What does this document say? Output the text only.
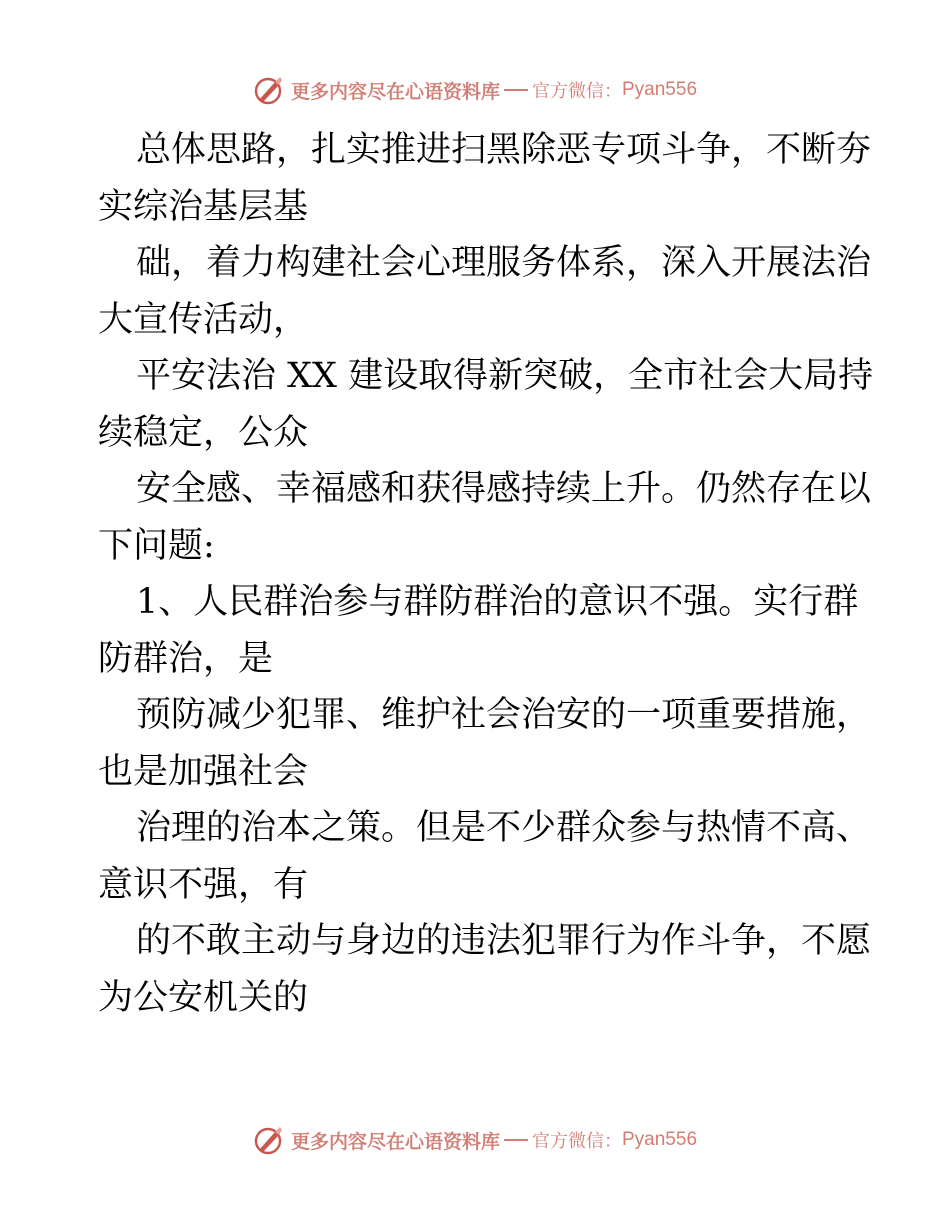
更多内容尽在心语资料库 官方微信： Pyan556
总体思路，扎实推进扫黑除恶专项斗争，不断夯
实综治基层基
础，着力构建社会心理服务体系，深入开展法治
大宣传活动，
平安法治 XX 建设取得新突破，全市社会大局持
续稳定，公众
安全感、幸福感和获得感持续上升。仍然存在以
下问题:
1、人民群治参与群防群治的意识不强。实行群
防群治，是
预防减少犯罪、维护社会治安的一项重要措施，
也是加强社会
治理的治本之策。但是不少群众参与热情不高、
意识不强，有
的不敢主动与身边的违法犯罪行为作斗争，不愿
为公安机关的
更多内容尽在心语资料库 官方微信： Pyan556
